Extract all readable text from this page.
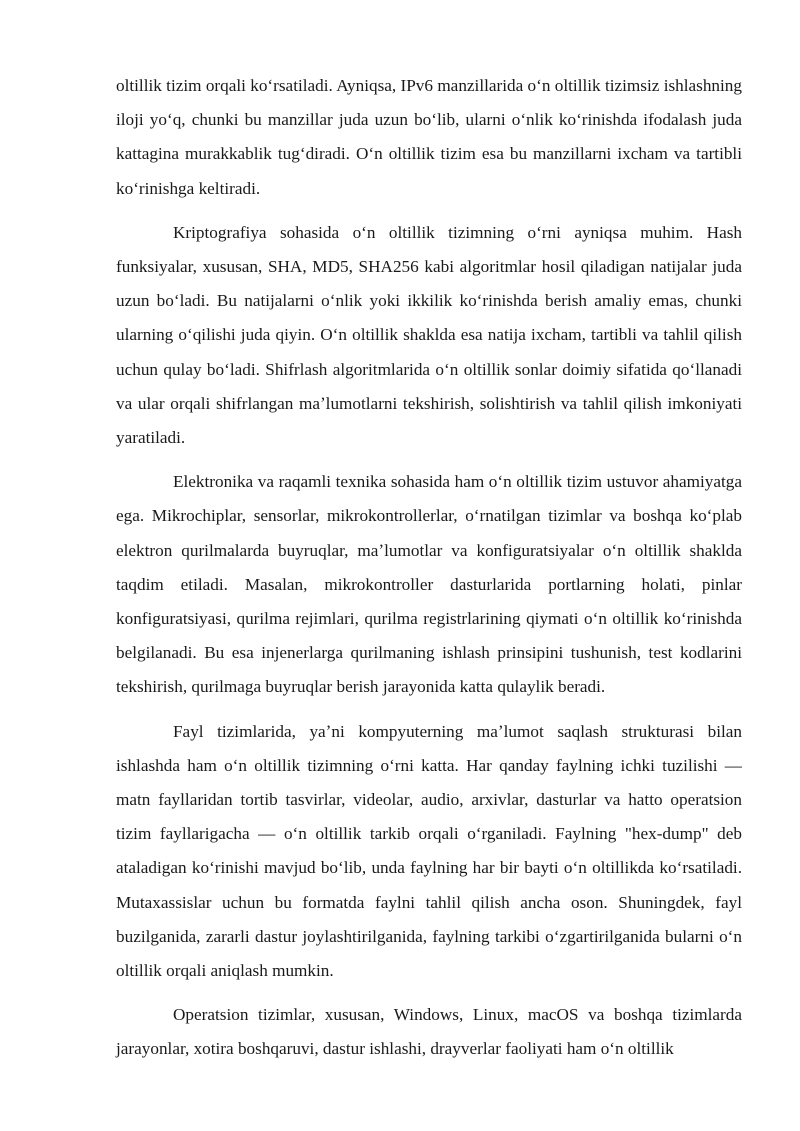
oltillik tizim orqali koʻrsatiladi. Ayniqsa, IPv6 manzillarida oʻn oltillik tizimsiz ishlashning iloji yoʻq, chunki bu manzillar juda uzun boʻlib, ularni oʻnlik koʻrinishda ifodalash juda kattagina murakkablik tugʻdiradi. Oʻn oltillik tizim esa bu manzillarni ixcham va tartibli koʻrinishga keltiradi.

Kriptografiya sohasida oʻn oltillik tizimning oʻrni ayniqsa muhim. Hash funksiyalar, xususan, SHA, MD5, SHA256 kabi algoritmlar hosil qiladigan natijalar juda uzun boʻladi. Bu natijalarni oʻnlik yoki ikkilik koʻrinishda berish amaliy emas, chunki ularning oʻqilishi juda qiyin. Oʻn oltillik shaklda esa natija ixcham, tartibli va tahlil qilish uchun qulay boʻladi. Shifrlash algoritmlarida oʻn oltillik sonlar doimiy sifatida qoʻllanadi va ular orqali shifrlangan maʼlumotlarni tekshirish, solishtirish va tahlil qilish imkoniyati yaratiladi.

Elektronika va raqamli texnika sohasida ham oʻn oltillik tizim ustuvor ahamiyatga ega. Mikrochiplar, sensorlar, mikrokontrollerlar, oʻrnatilgan tizimlar va boshqa koʻplab elektron qurilmalarda buyruqlar, maʼlumotlar va konfiguratsiyalar oʻn oltillik shaklda taqdim etiladi. Masalan, mikrokontroller dasturlarida portlarning holati, pinlar konfiguratsiyasi, qurilma rejimlari, qurilma registrlarining qiymati oʻn oltillik koʻrinishda belgilanadi. Bu esa injenerlarga qurilmaning ishlash prinsipini tushunish, test kodlarini tekshirish, qurilmaga buyruqlar berish jarayonida katta qulaylik beradi.

Fayl tizimlarida, yaʼni kompyuterning maʼlumot saqlash strukturasi bilan ishlashda ham oʻn oltillik tizimning oʻrni katta. Har qanday faylning ichki tuzilishi — matn fayllaridan tortib tasvirlar, videolar, audio, arxivlar, dasturlar va hatto operatsion tizim fayllarigacha — oʻn oltillik tarkib orqali oʻrganiladi. Faylning "hex-dump" deb ataladigan koʻrinishi mavjud boʻlib, unda faylning har bir bayti oʻn oltillikda koʻrsatiladi. Mutaxassislar uchun bu formatda faylni tahlil qilish ancha oson. Shuningdek, fayl buzilganida, zararli dastur joylashtirilganida, faylning tarkibi oʻzgartirilganida bularni oʻn oltillik orqali aniqlash mumkin.

Operatsion tizimlar, xususan, Windows, Linux, macOS va boshqa tizimlarda jarayonlar, xotira boshqaruvi, dastur ishlashi, drayverlar faoliyati ham oʻn oltillik
